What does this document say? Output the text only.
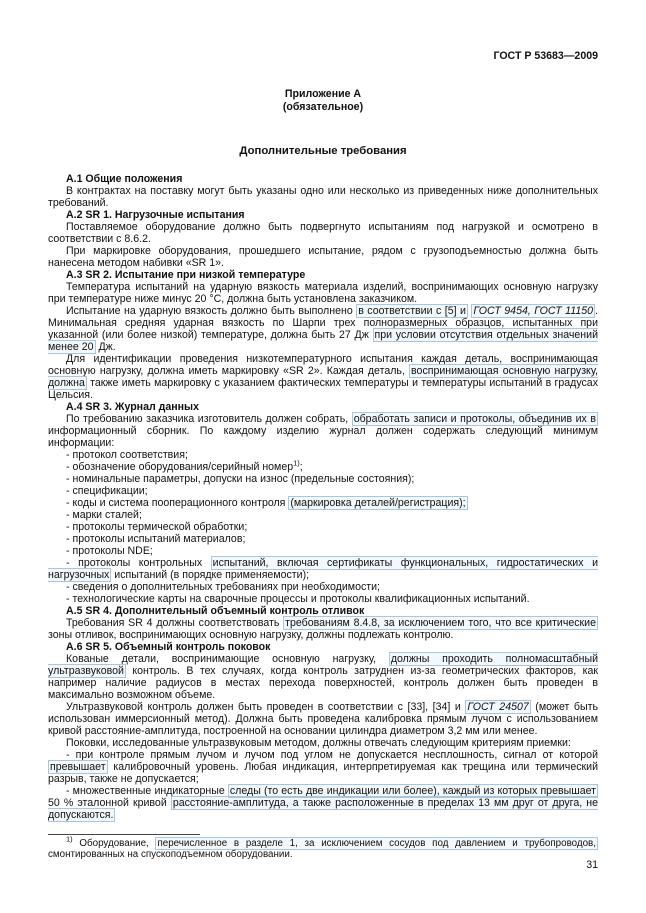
ГОСТ Р 53683—2009
Приложение А
(обязательное)
Дополнительные требования

А.1 Общие положения

В контрактах на поставку могут быть указаны одно или несколько из приведенных ниже дополнительных требований.

А.2 SR 1. Нагрузочные испытания

Поставляемое оборудование должно быть подвергнуто испытаниям под нагрузкой и осмотрено в соответствии с 8.6.2.

При маркировке оборудования, прошедшего испытание, рядом с грузоподъемностью должна быть нанесена методом набивки «SR 1».

А.3 SR 2. Испытание при низкой температуре

Температура испытаний на ударную вязкость материала изделий, воспринимающих основную нагрузку при температуре ниже минус 20 °С, должна быть установлена заказчиком.

Испытание на ударную вязкость должно быть выполнено в соответствии с [5] и ГОСТ 9454, ГОСТ 11150 . Минимальная средняя ударная вязкость по Шарпи трех полноразмерных образцов, испытанных при указанной (или более низкой) температуре, должна быть 27 Дж при условии отсутствия отдельных значений менее 20 Дж.

Для идентификации проведения низкотемпературного испытания каждая деталь, воспринимающая основную нагрузку, должна иметь маркировку «SR 2». Каждая деталь, воспринимающая основную нагрузку, должна также иметь маркировку с указанием фактических температуры и температуры испытаний в градусах Цельсия.

А.4 SR 3. Журнал данных

По требованию заказчика изготовитель должен собрать, обработать записи и протоколы, объединив их в информационный сборник. По каждому изделию журнал должен содержать следующий минимум информации:

- протокол соответствия;

- обозначение оборудования/серийный номер$^{1)}$;

- номинальные параметры, допуски на износ (предельные состояния);

- спецификации;

- коды и система пооперационного контроля (маркировка деталей/регистрация);

- марки сталей;

- протоколы термической обработки;

- протоколы испытаний материалов;

- протоколы NDE;

- протоколы контрольных испытаний, включая сертификаты функциональных, гидростатических и нагрузочных испытаний (в порядке применяемости);

- сведения о дополнительных требованиях при необходимости;

- технологические карты на сварочные процессы и протоколы квалификационных испытаний.

А.5 SR 4. Дополнительный объемный контроль отливок

Требования SR 4 должны соответствовать требованиям 8.4.8, за исключением того, что все критические зоны отливок, воспринимающих основную нагрузку, должны подлежать контролю.

А.6 SR 5. Объемный контроль поковок

Кованые детали, воспринимающие основную нагрузку, должны проходить полномасштабный ультразвуковой контроль. В тех случаях, когда контроль затруднен из-за геометрических факторов, как например наличие радиусов в местах перехода поверхностей, контроль должен быть проведен в максимально возможном объеме.

Ультразвуковой контроль должен быть проведен в соответствии с [33], [34] и ГОСТ 24507 (может быть использован иммерсионный метод). Должна быть проведена калибровка прямым лучом с использованием кривой расстояние-амплитуда, построенной на основании цилиндра диаметром 3,2 мм или менее.

Поковки, исследованные ультразвуковым методом, должны отвечать следующим критериям приемки:

- при контроле прямым лучом и лучом под углом не допускается несплошность, сигнал от которой превышает калибровочный уровень. Любая индикация, интерпретируемая как трещина или термический разрыв, также не допускается;

- множественные индикаторные следы (то есть две индикации или более), каждый из которых превышает 50 % эталонной кривой расстояние-амплитуда, а также расположенные в пределах 13 мм друг от друга, не допускаются.

$^{1)}$ Оборудование, перечисленное в разделе 1, за исключением сосудов под давлением и трубопроводов, смонтированных на спускоподъемном оборудовании.

31
